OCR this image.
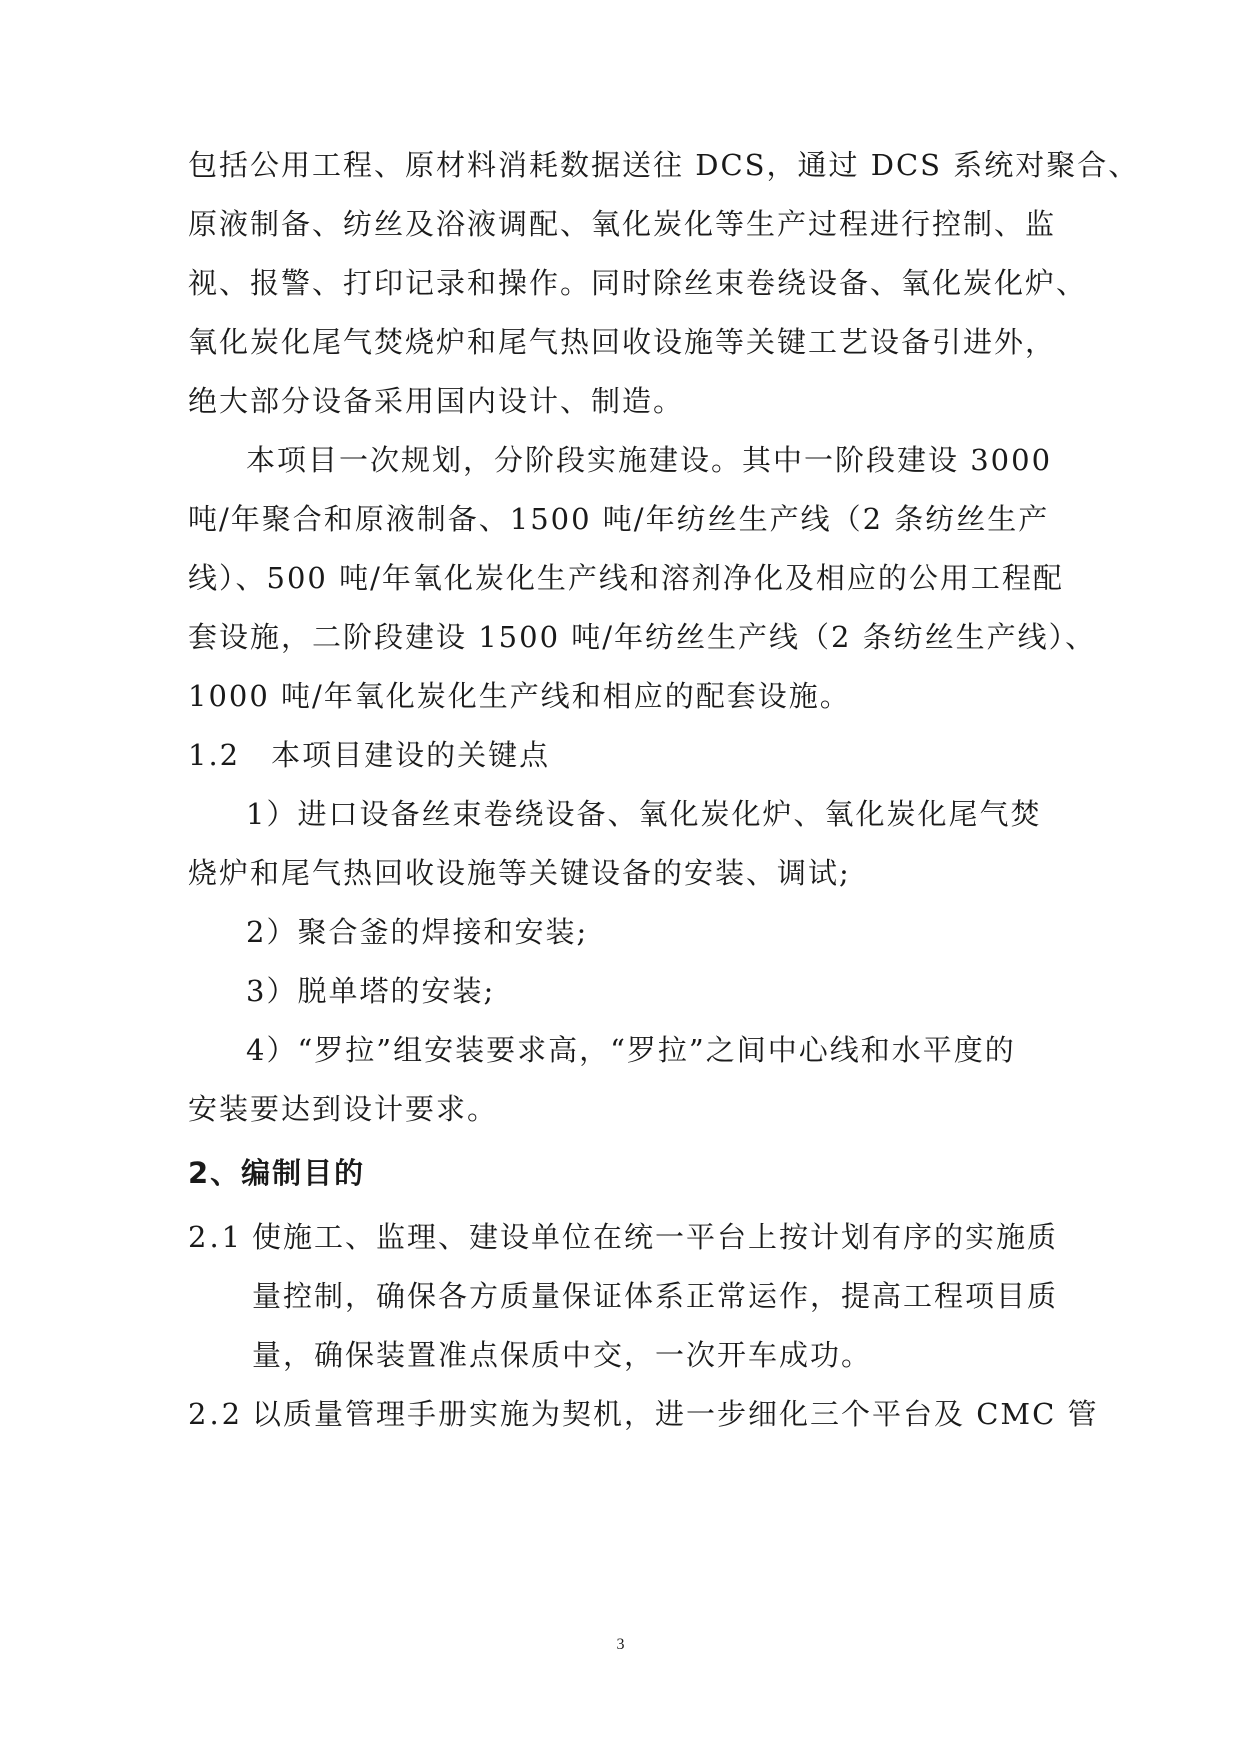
包括公用工程、原材料消耗数据送往 DCS，通过 DCS 系统对聚合、
原液制备、纺丝及浴液调配、氧化炭化等生产过程进行控制、监
视、报警、打印记录和操作。同时除丝束卷绕设备、氧化炭化炉、
氧化炭化尾气焚烧炉和尾气热回收设施等关键工艺设备引进外，
绝大部分设备采用国内设计、制造。
本项目一次规划，分阶段实施建设。其中一阶段建设 3000
吨/年聚合和原液制备、1500 吨/年纺丝生产线（2 条纺丝生产
线）、500 吨/年氧化炭化生产线和溶剂净化及相应的公用工程配
套设施，二阶段建设 1500 吨/年纺丝生产线（2 条纺丝生产线）、
1000 吨/年氧化炭化生产线和相应的配套设施。
1.2　本项目建设的关键点
1）进口设备丝束卷绕设备、氧化炭化炉、氧化炭化尾气焚
烧炉和尾气热回收设施等关键设备的安装、调试;
2）聚合釜的焊接和安装;
3）脱单塔的安装;
4）“罗拉”组安装要求高，“罗拉”之间中心线和水平度的
安装要达到设计要求。
2、编制目的
2.1 使施工、监理、建设单位在统一平台上按计划有序的实施质
量控制，确保各方质量保证体系正常运作，提高工程项目质
量，确保装置准点保质中交，一次开车成功。
2.2 以质量管理手册实施为契机，进一步细化三个平台及 CMC 管
3
